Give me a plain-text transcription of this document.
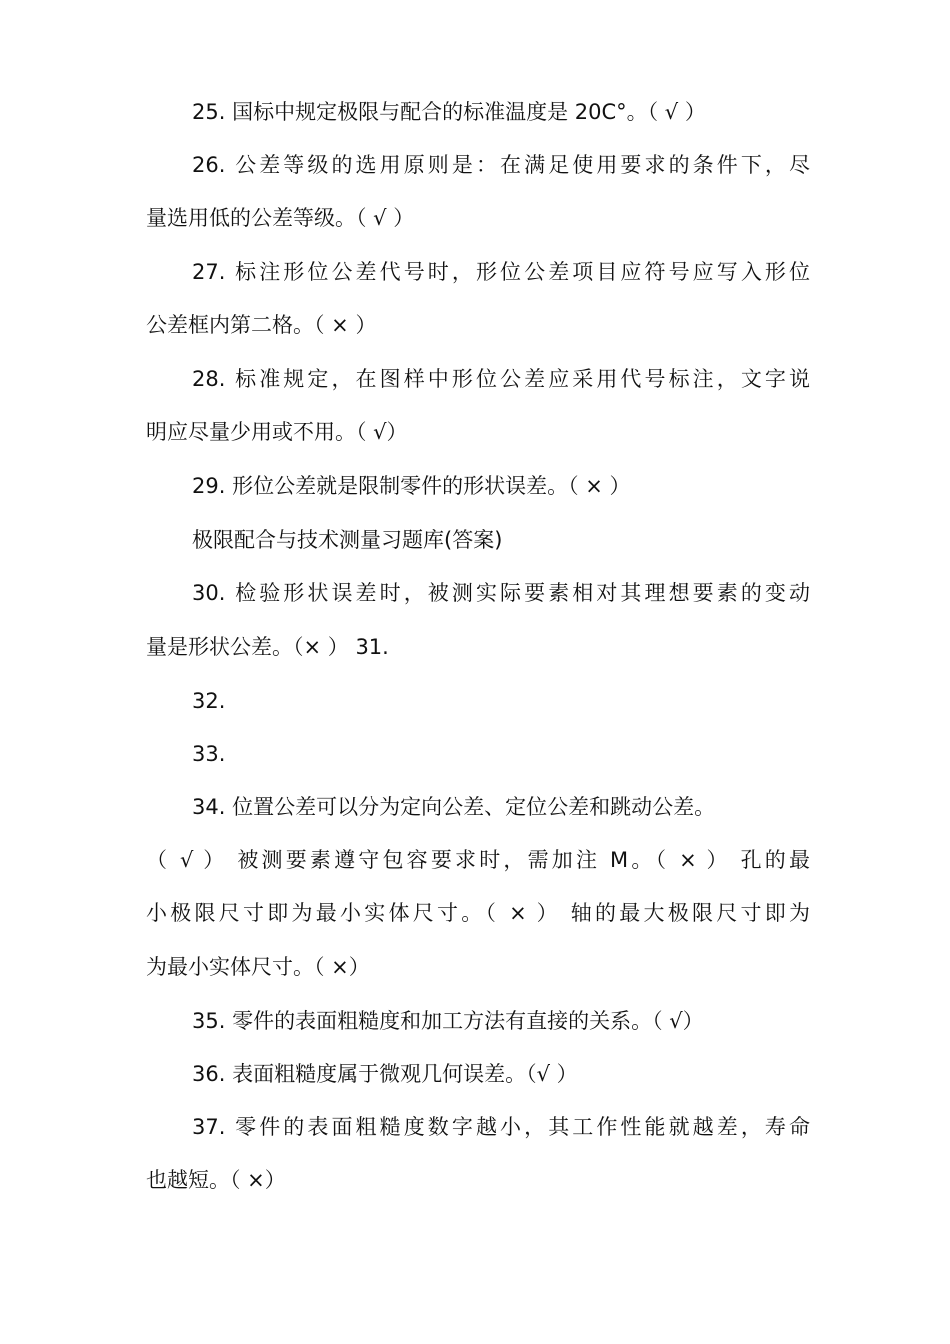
25. 国标中规定极限与配合的标准温度是 20C°。（ √ ）
26. 公差等级的选用原则是：在满足使用要求的条件下，尽
量选用低的公差等级。（ √ ）
27. 标注形位公差代号时，形位公差项目应符号应写入形位
公差框内第二格。（ × ）
28. 标准规定，在图样中形位公差应采用代号标注，文字说
明应尽量少用或不用。（ √）
29. 形位公差就是限制零件的形状误差。（ × ）
极限配合与技术测量习题库(答案)
30. 检验形状误差时，被测实际要素相对其理想要素的变动
量是形状公差。（× ） 31.
32.
33.
34. 位置公差可以分为定向公差、定位公差和跳动公差。
（ √ ） 被测要素遵守包容要求时，需加注 M。（ × ） 孔的最
小极限尺寸即为最小实体尺寸。（ × ） 轴的最大极限尺寸即为
为最小实体尺寸。（ ×）
35. 零件的表面粗糙度和加工方法有直接的关系。（ √）
36. 表面粗糙度属于微观几何误差。（√ ）
37. 零件的表面粗糙度数字越小，其工作性能就越差，寿命
也越短。（ ×）
